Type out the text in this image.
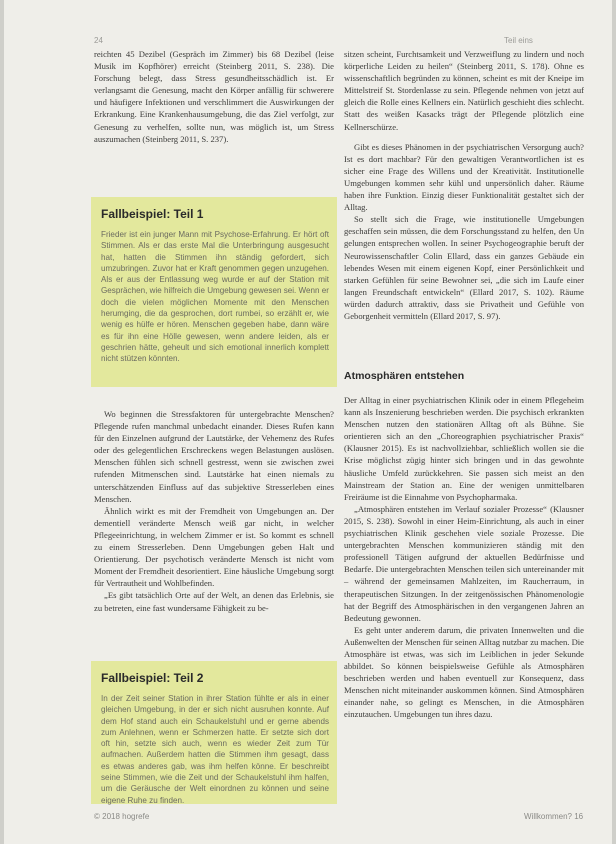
24	Teil eins

reichten 45 Dezibel (Gespräch im Zimmer) bis 68 Dezibel (leise Musik im Kopfhörer) erreicht (Steinberg 2011, S. 238). Die Forschung belegt, dass Stress gesundheitsschädlich ist. Er verlangsamt die Genesung, macht den Körper anfällig für schwerere und häufigere Infektionen und verschlimmert die Auswirkungen der Erkrankung. Eine Krankenhausumgebung, die das Ziel verfolgt, zur Genesung zu verhelfen, sollte nun, was möglich ist, um Stress auszumachen (Steinberg 2011, S. 237).

Fallbeispiel: Teil 1
Frieder ist ein junger Mann mit Psychose-Erfahrung. Er hört oft Stimmen. Als er das erste Mal die Unterbringung ausgesucht hat, hatten die Stimmen ihn ständig gefordert, sich umzubringen. Zuvor hat er Kraft genommen gegen unzugehen. Als er aus der Entlassung weg wurde er auf der Station mit Gesprächen, wie hilfreich die Umgebung gewesen sei. Wenn er doch die vielen möglichen Momente mit den Menschen herumging, die da gesprochen, dort rumbei, so erzählt er, wie wenig es hülfe er hören. Menschen gegeben habe, dann wäre es für ihn eine Hölle gewesen, wenn andere leiden, als er geschrien hätte, geheult und sich emotional innerlich komplett nicht stützen könnten.

Wo beginnen die Stressfaktoren für untergebrachte Menschen? Pflegende rufen manchmal unbedacht einander. Dieses Rufen kann für den Einzelnen aufgrund der Lautstärke, der Vehemenz des Rufes oder des gelegentlichen Erschreckens wegen Belastungen auslösen. Menschen fühlen sich schnell gestresst, wenn sie zwischen zwei rufenden Mitmenschen sind. Lautstärke hat einen niemals zu unterschätzenden Einfluss auf das subjektive Stresserleben eines Menschen.

Ähnlich wirkt es mit der Fremdheit von Umgebungen an. Der dementiell veränderte Mensch weiß gar nicht, in welcher Pflegeeinrichtung, in welchem Zimmer er ist. So kommt es schnell zu einem Stresserleben. Denn Umgebungen geben Halt und Orientierung. Der psychotisch veränderte Mensch ist nicht vom Moment der Fremdheit desorientiert. Eine häusliche Umgebung sorgt für Vertrautheit und Wohlbefinden.

„Es gibt tatsächlich Orte auf der Welt, an denen das Erlebnis, sie zu betreten, eine fast wundersame Fähigkeit zu be-

Fallbeispiel: Teil 2
In der Zeit seiner Station in ihrer Station fühlte er als in einer gleichen Umgebung, in der er sich nicht ausruhen konnte. Auf dem Hof stand auch ein Schaukelstuhl und er gerne abends zum Anlehnen, wenn er Schmerzen hatte. Er setzte sich dort oft hin, setzte sich auch, wenn es wieder Zeit zum Tür aufmachen. Außerdem hatten die Stimmen ihm gesagt, dass es etwas anderes gab, was ihm helfen könne. Er beschreibt seine Stimmen, wie die Zeit und der Schaukelstuhl ihm halfen, um die Geräusche der Welt einordnen zu können und seine eigene Ruhe zu finden.

sitzen scheint, Furchtsamkeit und Verzweiflung zu lindern und noch körperliche Leiden zu heilen“ (Steinberg 2011, S. 178). Ohne es wissenschaftlich begründen zu können, scheint es mit der Kneipe im Mittelstreif St. Stordenlasse zu sein. Pflegende nehmen von jetzt auf gleich die Rolle eines Kellners ein. Natürlich geschieht dies schlecht. Statt des weißen Kasacks trägt der Pflegende plötzlich eine Kellnerschürze.

Gibt es dieses Phänomen in der psychiatrischen Versorgung auch? Ist es dort machbar? Für den gewaltigen Verantwortlichen ist es sicher eine Frage des Willens und der Kreativität. Institutionelle Umgebungen kommen sehr kühl und unpersönlich daher. Räume haben ihre Funktion. Einzig dieser Funktionalität gestaltet sich der Alltag.

So stellt sich die Frage, wie institutionelle Umgebungen geschaffen sein müssen, die dem Forschungsstand zu helfen, den Un gelungen entsprechen wollen. In seiner Psychogeographie beruft der Neurowissenschaftler Colin Ellard, dass ein ganzes Gebäude ein lebendes Wesen mit einem eigenen Kopf, einer Persönlichkeit und starken Gefühlen für seine Bewohner sei, „die sich im Laufe einer langen Freundschaft entwickeln“ (Ellard 2017, S. 102). Räume würden dadurch attraktiv, dass sie Privatheit und Gefühle von Geborgenheit vermitteln (Ellard 2017, S. 97).

Atmosphären entstehen

Der Alltag in einer psychiatrischen Klinik oder in einem Pflegeheim kann als Inszenierung beschrieben werden. Die psychisch erkrankten Menschen nutzen den stationären Alltag oft als Bühne. Sie orientieren sich an den „Choreographien psychiatrischer Praxis“ (Klausner 2015). Es ist nachvollziehbar, schließlich wollen sie die Krise möglichst zügig hinter sich bringen und in das gewohnte häusliche Umfeld zurückkehren. Sie passen sich meist an den Mainstream der Station an. Eine der wenigen unmittelbaren Freiräume ist die Einnahme von Psychopharmaka.

„Atmosphären entstehen im Verlauf sozialer Prozesse“ (Klausner 2015, S. 238). Sowohl in einer Heim-Einrichtung, als auch in einer psychiatrischen Klinik geschehen viele soziale Prozesse. Die untergebrachten Menschen kommunizieren ständig mit den professionell Tätigen aufgrund der aktuellen Bedürfnisse und Bedarfe. Die untergebrachten Menschen teilen sich untereinander mit – während der gemeinsamen Mahlzeiten, im Raucherraum, in therapeutischen Sitzungen. In der zeitgenössischen Phänomenologie hat der Begriff des Atmosphärischen in den vergangenen Jahren an Bedeutung gewonnen.

Es geht unter anderem darum, die privaten Innenwelten und die Außenwelten der Menschen für seinen Alltag nutzbar zu machen. Die Atmosphäre ist etwas, was sich im Leiblichen in jeder Sekunde abbildet. So können beispielsweise Gefühle als Atmosphären beschrieben werden und haben eventuell zur Konsequenz, dass Menschen nicht miteinander auskommen können. Sind Atmosphären einander nahe, so gelingt es Menschen, in die Atmosphären einzutauchen. Umgebungen tun ihres dazu.

© 2018 hogrefe	Willkommen? 16
